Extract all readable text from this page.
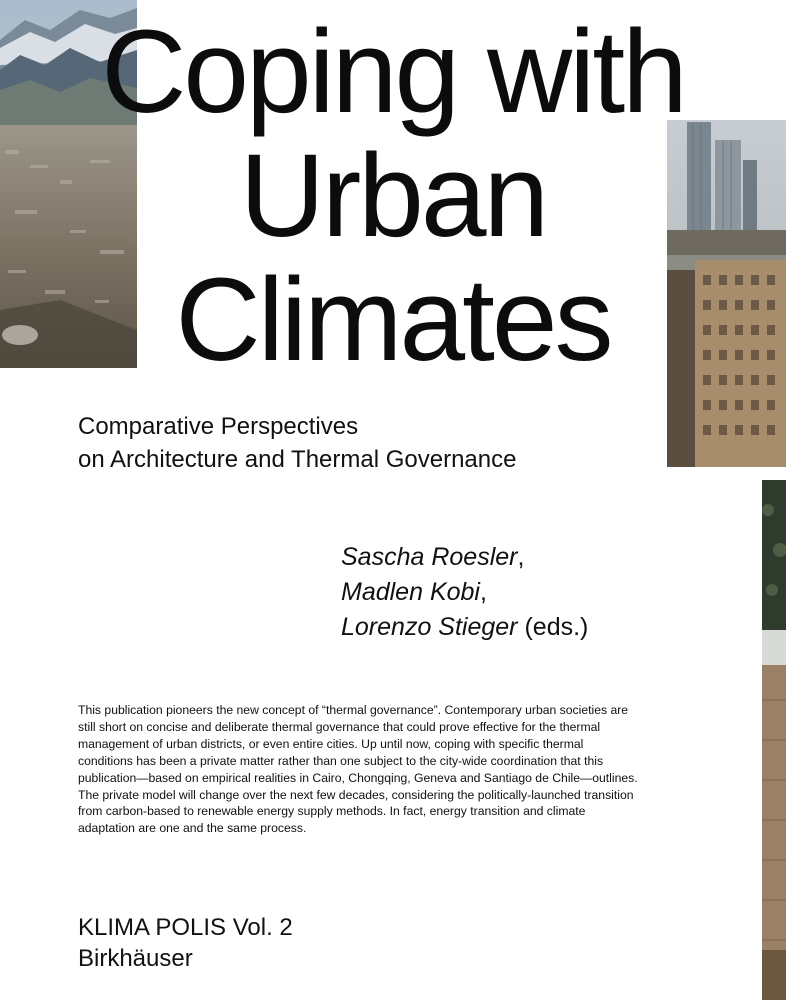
Coping with
Urban
Climates
Comparative Perspectives
on Architecture and Thermal Governance
Sascha Roesler,
Madlen Kobi,
Lorenzo Stieger (eds.)

This publication pioneers the new concept of “thermal governance”. Contemporary urban societies are still short on concise and deliberate thermal governance that could prove effective for the thermal management of urban districts, or even entire cities. Up until now, coping with specific thermal conditions has been a private matter rather than one subject to the city-wide coordination that this publication—based on empirical realities in Cairo, Chongqing, Geneva and Santiago de Chile—outlines. The private model will change over the next few decades, considering the politically-launched transition from carbon-based to renewable energy supply methods. In fact, energy transition and climate adaptation are one and the same process.

KLIMA POLIS Vol. 2
Birkhäuser
